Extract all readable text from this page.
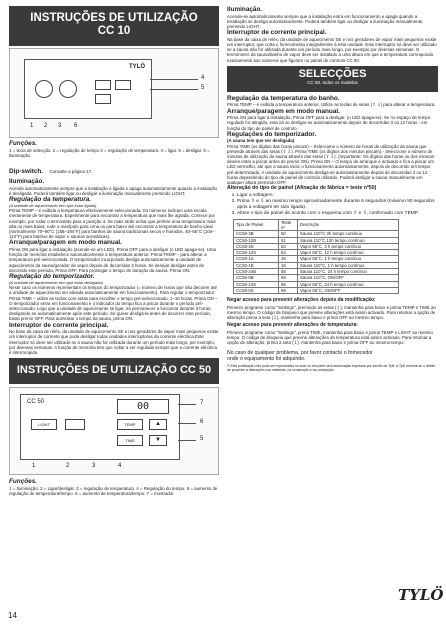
INSTRUÇÕES DE UTILIZAÇÃO
CC 10
TYLÖ
1 2 3
4
5
6
Funções.

1 = tecla de selecção. 2 = regulação de tempo 3 = regulação de temperatura. 4 = ligar. 5 = desligar. 6 = iluminação.

Dip-switch. Consulte a página 17.

Iluminação.

Acende automaticamente sempre que a instalação é ligada e apaga automaticamente quando a instalação é desligada. Poderá também ligar ou desligar a iluminação manualmente premindo LIGHT.

Regulação da temperatura.

(A unidade de aquecimento tem que estar ligada)

Prima TEMP – é exibida a temperatura efectivamente seleccionada. Os números indicam uma escala meramente de temperatura. Experimente para encontrar a temperatura que mais lhe agrada. Comece por exemplo, por rodar o termóstato para a posição 4. Se mais tarde achar que prefere uma temperatura mais alta ou mais baixa, rode o manípulo para cima ou para baixo até encontrar a temperatura de banho ideal (normalmente 70–90°C (158–194°F) para banhos de sauna tradicionais secos e húmidos, 40–65°C (104–113°F) para banhos de vapor e saunas aromáticas).

Arranque/paragem em modo manual.

Prima ON para ligar a instalação (acende-se um LED). Prima OFF para a desligar (o LED apaga-se). Uma função de memória estabelece automaticamente a temperatura anterior. Prima TEMP – para alterar a temperatura pré-seleccionada. O temporizador incorporado desliga automaticamente a unidade de aquecimento da sauna/gerador de vapor depois de decorridas 3 horas. Se desejar desligar antes de decorrido este período, Prima OFF. Para prolongar o tempo de duração da sauna, Prima ON.

Regulação do temporizador.

(A unidade de aquecimento tem que estar desligada)

Neste caso os números representam os tempos do temporizador (= número de horas que irão decorrer até a unidade de aquecimento ser ativada automaticamente em funcionamento). Para regular o temporizador: Prima TIME – utilize as teclas com setas para escolher o tempo pré-seleccionado, 1–10 horas. Prima ON – O temporizador entra em funcionamento e o indicador do tempo fica a piscar durante o período pré-seleccionado. Logo que a unidade de aquecimento se ligar, irá permanecer a funcionar durante 3 horas, desligando-se automaticamente após este período. Se quiser desligá-la antes de decorrer este período, basta premir OFF. Para aumentar o tempo da sauna, prima ON.

Interruptor de corrente principal.

No base da caixa de relés, da unidade de aquecimento SE e nos geradores de vapor mais pequenos existe um interruptor de corrente que pode desligar todas unidades interruptoras da corrente eléctrica.Este interruptor só deve ser utilizado se a sauna não for utilizada durante um período mais longo, por exemplo, por diversas semanas. A função de memória tem que voltar a ser regulada sempre que a corrente eléctrica é interrompida.

INSTRUÇÕES DE UTILIZAÇÃO CC 50
CC 50	00
LIGHT	TEMP
TIME
▲
▼
1	2	3	4
5
6
7
Funções.

1 = Iluminação. 2 = Ligar/desligar. 3 = regulação de temperatura. 4 = Regulação do tempo. 5 = aumento de regulação de temperatura/tempo. 6 = aumento de temperatura/tempo. 7 = mostrador

Iluminação.

Acende-se automaticamente sempre que a instalação entra em funcionamento e apaga quando a instalação se desliga automaticamente. Poderá também ligar ou desligar a iluminação manualmente, premindo LIGHT.

Interruptor de corrente principal.

Na base da caixa de relés, da unidade de aquecimento SE e nos geradores de vapor mais pequenos existe um interruptor, que corta o fornecimento integralmente à esta unidade. Este interruptor só deve ser utilizado se a sauna não for utilizada durante um período mais longo, por exemplo por diversas semanas. O termómetro da sauna/banho de vapor deve ser instalado a uma altura em que a temperatura corresponda exactamente aos números que figuram no painel de controlo CC 50.

SELECÇÕES
CC 50, todos os modelos
Regulação da temperatura do banho.

Prima TEMP – é exibida a temperatura anterior. Utilize as teclas de setas (⇧ ⇩) para alterar a temperatura.

Arranque/paragem em modo manual.

Prima ON para ligar a instalação. Prima OFF para a desligar. (o LED apaga-se). Se no espaço de tempo regulado for atingido, esta irá se desligar-se automaticamente depois de decorridas 3 ou 12 horas - em função do tipo de painel de controlo.

Regulações do temporizador.

(A sauna tem que ser desligada)

Prima TIME (os dígitos das horas piscam) – Seleccione o número de horas de utilização da sauna que pretende através das setas (⇧ ⇩). Prima TIME (os dígitos dos minutos piscam) - Seleccione o número de minutos de utilização da sauna através das setas (⇧ ⇩). (Importante: Os dígitos das horas ou dos minutos devem estar a piscar antes de premir ON). Prima ON – O tempo de arranque é activado e fica a piscar um LED vermelho, até que a sauna inicie o funcionamento automaticamente, depois de decorrido um tempo pré-determinado. A unidade de aquecimento desliga-se automaticamente depois de decorridas 3 ou 12 horas dependendo do tipo de painel de controlo utilizado. Poderá desligar a sauna manualmente em qualquer altura premindo OFF.

Alteração do tipo de painel (Afinação de fábrica = teste nº50)
1. Ligar a voltagem.
2. Prima ⇧ e ⇩ ao mesmo tempo aproximadamente durante 6 segundos (máximo 50 segundos após a voltagem ter sido ligada).
3. Altere o tipo de painel de acordo com o esquema com ⇧ e ⇩, confirmado com TEMP.
Tipo de Painel	Teste nº	Descrição
CC50-3B	50	Sauna 110°C,3h tempo contínuo
CC50-12B	51	Sauna 110°C,12h tempo contínuo
CC50-3S	53	Vapor 55°C, 3 h tempo contínuo
CC50-12S	54	Vapor 55°C, 12 h tempo contínuo
CC50-1S	15	Vapor 55°C, 1 h tempo contínuo
CC50-1B	16	Sauna 110°C, 1 h tempo contínuo
CC50-24B	58	Sauna 110°C, 24 h tempo contínuo
CC50-0B	59	Sauna 110°C, ON/OFF
CC50-24S	68	Vapor 55°C, 24 h tempo contínuo
CC50-0S	69	Vapor 55°C, ON/OFF
Negar acesso para prevenir alterações depois da modificação:

Primeiro programe como "Settings", premindo as setas (⇧), mantenha para baixo e prima TEMP e TIME ao mesmo tempo. O código de bloqueio que previne alterações está assim activado. Para retomar a opção de alteração prima a seta (⇩), mantenha para baixo e prima OFF ao mesmo tempo.

Negar acesso para prevenir alterações de temperatura:

Primeiro programe como "Settings", prima TIME, mantenha para baixo e prima TEMP e LIGHT ao mesmo tempo. O código de bloqueio que previne alterações de temperatura está assim activado. Para retomar a opção de alteração, prima a seta (⇩), mantenha para baixo e prima OFF ao mesmo tempo.

No caso de qualquer problema, por favor contacte o fornecedor onde o equipamento foi adquirido.

© Esta publicação não pode ser reproduzida no todo ou em parte sem autorização expressa por escrito da Tylö. A Tylö reserva-se o direito de proceder a alterações nos materiais, na construção e na concepção.

TYLÖ
14
